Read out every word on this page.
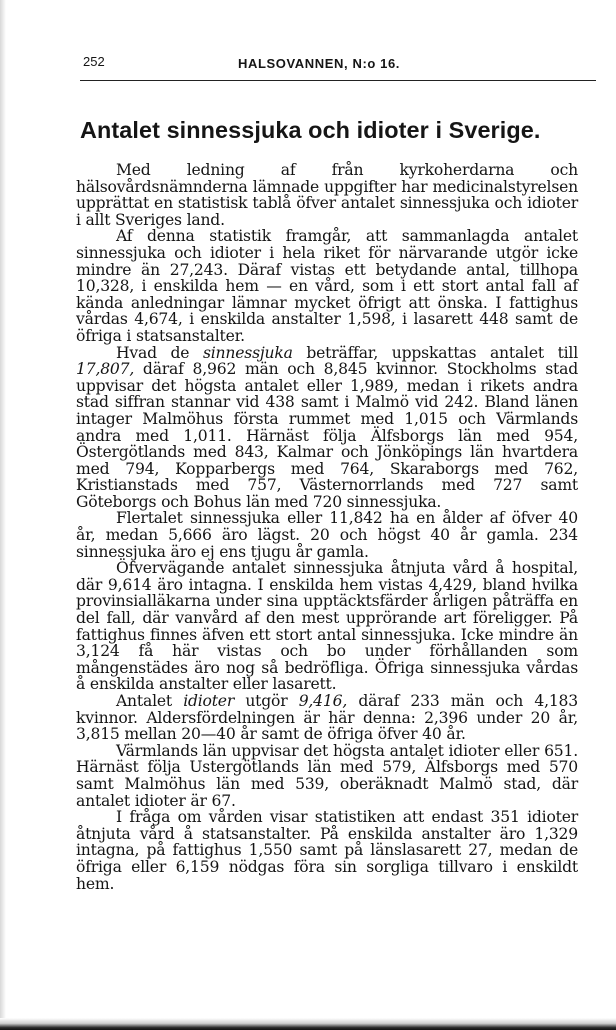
252	HALSOVANNEN, N:o 16.
Antalet sinnessjuka och idioter i Sverige.

Med ledning af från kyrkoherdarna och hälsovårdsnämnderna lämnade uppgifter har medicinalstyrelsen upprättat en statistisk tablå öfver antalet sinnessjuka och idioter i allt Sveriges land.

Af denna statistik framgår, att sammanlagda antalet sinnessjuka och idioter i hela riket för närvarande utgör icke mindre än 27,243. Däraf vistas ett betydande antal, tillhopa 10,328, i enskilda hem — en vård, som i ett stort antal fall af kända anledningar lämnar mycket öfrigt att önska. I fattighus vårdas 4,674, i enskilda anstalter 1,598, i lasarett 448 samt de öfriga i statsanstalter.

Hvad de sinnessjuka beträffar, uppskattas antalet till 17,807, däraf 8,962 män och 8,845 kvinnor. Stockholms stad uppvisar det högsta antalet eller 1,989, medan i rikets andra stad siffran stannar vid 438 samt i Malmö vid 242. Bland länen intager Malmöhus första rummet med 1,015 och Värmlands andra med 1,011. Härnäst följa Älfsborgs län med 954, Östergötlands med 843, Kalmar och Jönköpings län hvartdera med 794, Kopparbergs med 764, Skaraborgs med 762, Kristianstads med 757, Västernorrlands med 727 samt Göteborgs och Bohus län med 720 sinnessjuka.

Flertalet sinnessjuka eller 11,842 ha en ålder af öfver 40 år, medan 5,666 äro lägst. 20 och högst 40 år gamla. 234 sinnessjuka äro ej ens tjugu år gamla.

Öfvervägande antalet sinnessjuka åtnjuta vård å hospital, där 9,614 äro intagna. I enskilda hem vistas 4,429, bland hvilka provinsialläkarna under sina upptäcktsfärder årligen påträffa en del fall, där vanvård af den mest upprörande art föreligger. På fattighus finnes äfven ett stort antal sinnessjuka. Icke mindre än 3,124 få här vistas och bo under förhållanden som mångenstädes äro nog så bedröfliga. Öfriga sinnessjuka vårdas å enskilda anstalter eller lasarett.

Antalet idioter utgör 9,416, däraf 233 män och 4,183 kvinnor. Aldersfördelningen är här denna: 2,396 under 20 år, 3,815 mellan 20—40 år samt de öfriga öfver 40 år.

Värmlands län uppvisar det högsta antalet idioter eller 651. Härnäst följa Ustergötlands län med 579, Älfsborgs med 570 samt Malmöhus län med 539, oberäknadt Malmö stad, där antalet idioter är 67.

I fråga om vården visar statistiken att endast 351 idioter åtnjuta vård å statsanstalter. På enskilda anstalter äro 1,329 intagna, på fattighus 1,550 samt på länslasarett 27, medan de öfriga eller 6,159 nödgas föra sin sorgliga tillvaro i enskildt hem.
